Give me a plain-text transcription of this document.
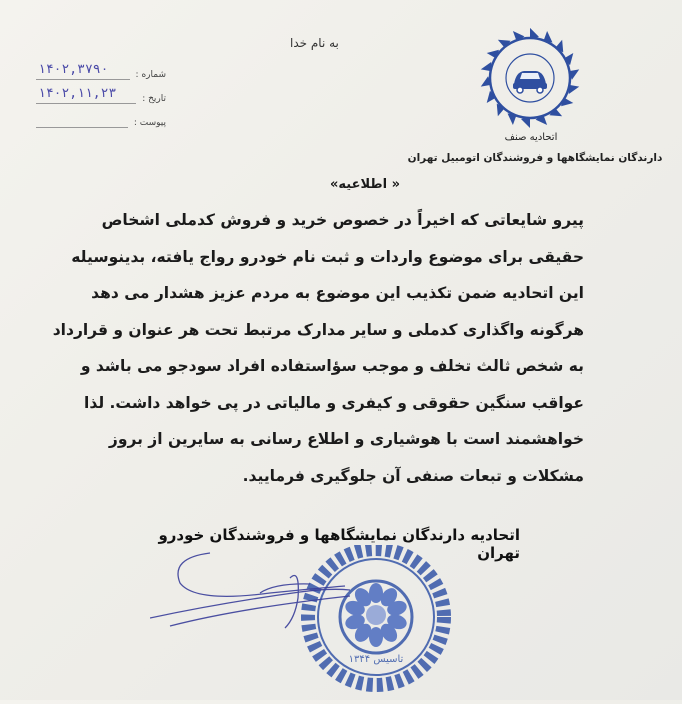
به نام خدا
شماره :
۱۴۰۲,۳۷۹۰
تاریخ :
۱۴۰۲,۱۱,۲۳
پیوست :
اتحادیه صنف
دارندگان نمایشگاهها و فروشندگان اتومبیل تهران
« اطلاعیه»
پیرو شایعاتی که اخیراً در خصوص خرید و فروش کدملی اشخاص
حقیقی برای موضوع واردات و ثبت نام خودرو رواج یافته، بدینوسیله
این اتحادیه ضمن تکذیب این موضوع به مردم عزیز هشدار می دهد
هرگونه واگذاری کدملی و سایر مدارک مرتبط تحت هر عنوان و قرارداد
به شخص ثالث تخلف و موجب سؤاستفاده افراد سودجو می باشد و
عواقب سنگین حقوقی و کیفری و مالیاتی در پی خواهد داشت. لذا
خواهشمند است با هوشیاری و اطلاع رسانی به سایرین از بروز
مشکلات و تبعات صنفی آن جلوگیری فرمایید.
تاسیس ۱۳۴۴
اتحادیه دارندگان نمایشگاهها و فروشندگان خودرو تهران
